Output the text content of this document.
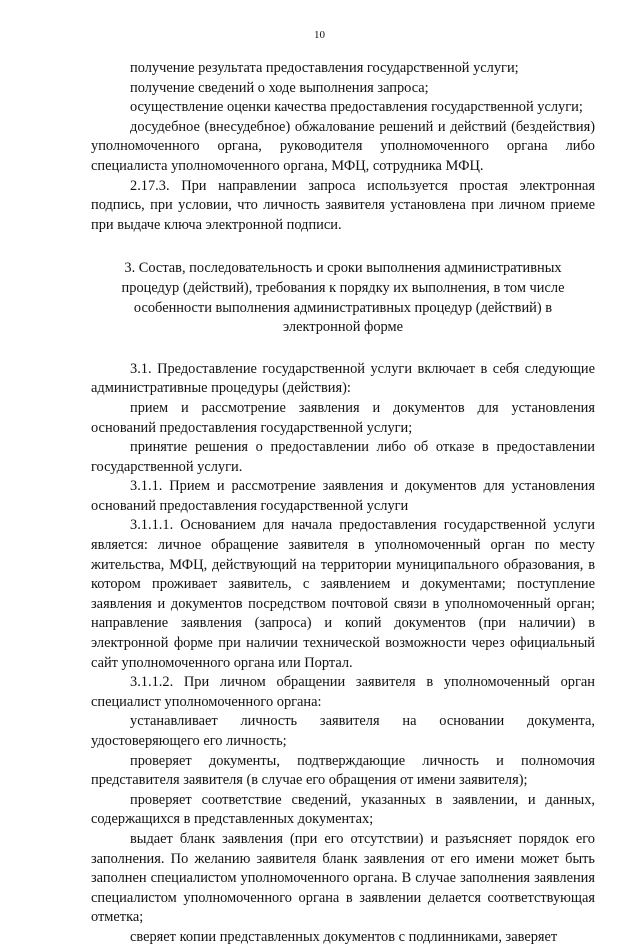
10

получение результата предоставления государственной услуги;

получение сведений о ходе выполнения запроса;

осуществление оценки качества предоставления государственной услуги;

досудебное (внесудебное) обжалование решений и действий (бездействия) уполномоченного органа, руководителя уполномоченного органа либо специалиста уполномоченного органа, МФЦ, сотрудника МФЦ.

2.17.3. При направлении запроса используется простая электронная подпись, при условии, что личность заявителя установлена при личном приеме при выдаче ключа электронной подписи.

3. Состав, последовательность и сроки выполнения административных
процедур (действий), требования к порядку их выполнения, в том числе
особенности выполнения административных процедур (действий) в
электронной форме

3.1. Предоставление государственной услуги включает в себя следующие административные процедуры (действия):

прием и рассмотрение заявления и документов для установления оснований предоставления государственной услуги;

принятие решения о предоставлении либо об отказе в предоставлении государственной услуги.

3.1.1. Прием и рассмотрение заявления и документов для установления оснований предоставления государственной услуги

3.1.1.1. Основанием для начала предоставления государственной услуги является: личное обращение заявителя в уполномоченный орган по месту жительства, МФЦ, действующий на территории муниципального образования, в котором проживает заявитель, с заявлением и документами; поступление заявления и документов посредством почтовой связи в уполномоченный орган; направление заявления (запроса) и копий документов (при наличии) в электронной форме при наличии технической возможности через официальный сайт уполномоченного органа или Портал.

3.1.1.2. При личном обращении заявителя в уполномоченный орган специалист уполномоченного органа:

устанавливает личность заявителя на основании документа, удостоверяющего его личность;

проверяет документы, подтверждающие личность и полномочия представителя заявителя (в случае его обращения от имени заявителя);

проверяет соответствие сведений, указанных в заявлении, и данных, содержащихся в представленных документах;

выдает бланк заявления (при его отсутствии) и разъясняет порядок его заполнения. По желанию заявителя бланк заявления от его имени может быть заполнен специалистом уполномоченного органа. В случае заполнения заявления специалистом уполномоченного органа в заявлении делается соответствующая отметка;

сверяет копии представленных документов с подлинниками, заверяет
